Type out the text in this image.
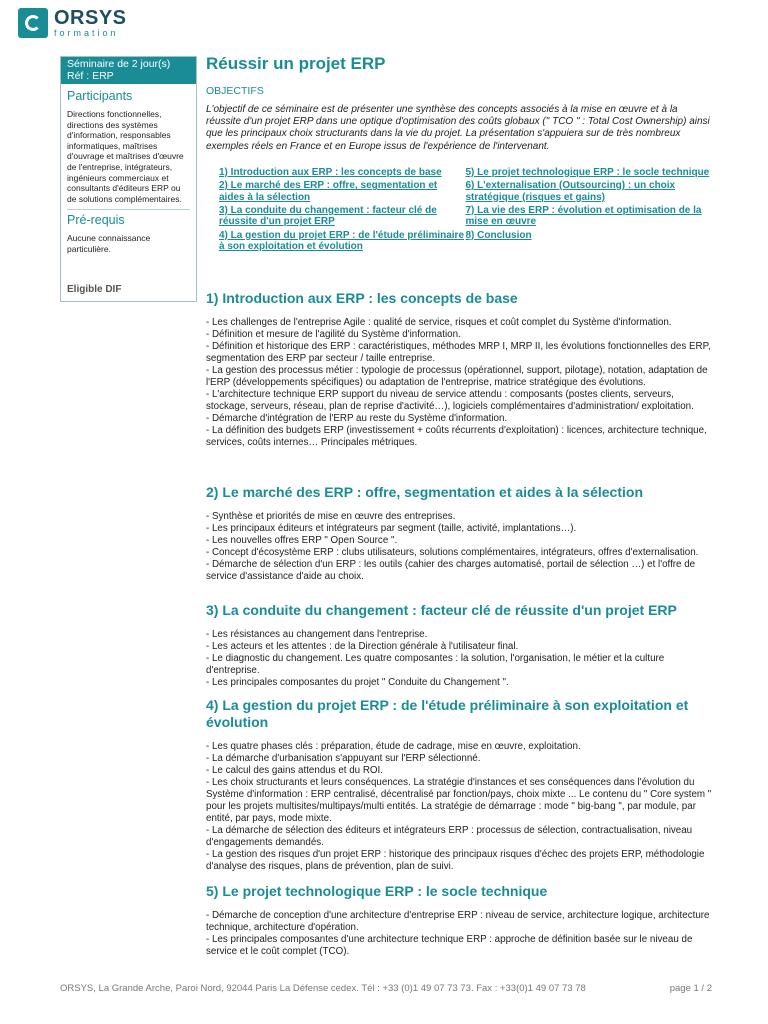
ORSYS
formation
Séminaire de 2 jour(s)
Réf : ERP
Participants
Directions fonctionnelles, directions des systèmes d'information, responsables informatiques, maîtrises d'ouvrage et maîtrises d'œuvre de l'entreprise, intégrateurs, ingénieurs commerciaux et consultants d'éditeurs ERP ou de solutions complémentaires.
Pré-requis
Aucune connaissance particulière.
Eligible DIF
Réussir un projet ERP
OBJECTIFS
L'objectif de ce séminaire est de présenter une synthèse des concepts associés à la mise en œuvre et à la réussite d'un projet ERP dans une optique d'optimisation des coûts globaux (" TCO " : Total Cost Ownership) ainsi que les principaux choix structurants dans la vie du projet. La présentation s'appuiera sur de très nombreux exemples réels en France et en Europe issus de l'expérience de l'intervenant.
1) Introduction aux ERP : les concepts de base
2) Le marché des ERP : offre, segmentation et aides à la sélection
3) La conduite du changement : facteur clé de réussite d'un projet ERP
4) La gestion du projet ERP : de l'étude préliminaire à son exploitation et évolution
5) Le projet technologique ERP : le socle technique
6) L'externalisation (Outsourcing) : un choix stratégique (risques et gains)
7) La vie des ERP : évolution et optimisation de la mise en œuvre
8) Conclusion
1) Introduction aux ERP : les concepts de base
- Les challenges de l'entreprise Agile : qualité de service, risques et coût complet du Système d'information.
- Définition et mesure de l'agilité du Système d'information.
- Définition et historique des ERP : caractéristiques, méthodes MRP I, MRP II, les évolutions fonctionnelles des ERP, segmentation des ERP par secteur / taille entreprise.
- La gestion des processus métier : typologie de processus (opérationnel, support, pilotage), notation, adaptation de l'ERP (développements spécifiques) ou adaptation de l'entreprise, matrice stratégique des évolutions.
- L'architecture technique ERP support du niveau de service attendu : composants (postes clients, serveurs, stockage, serveurs, réseau, plan de reprise d'activité…), logiciels complémentaires d'administration/ exploitation.
- Démarche d'intégration de l'ERP au reste du Système d'information.
- La définition des budgets ERP (investissement + coûts récurrents d'exploitation) : licences, architecture technique, services, coûts internes… Principales métriques.
2) Le marché des ERP : offre, segmentation et aides à la sélection
- Synthèse et priorités de mise en œuvre des entreprises.
- Les principaux éditeurs et intégrateurs par segment (taille, activité, implantations…).
- Les nouvelles offres ERP " Open Source ".
- Concept d'écosystème ERP : clubs utilisateurs, solutions complémentaires, intégrateurs, offres d'externalisation.
- Démarche de sélection d'un ERP : les outils (cahier des charges automatisé, portail de sélection …) et l'offre de service d'assistance d'aide au choix.
3) La conduite du changement : facteur clé de réussite d'un projet ERP
- Les résistances au changement dans l'entreprise.
- Les acteurs et les attentes : de la Direction générale à l'utilisateur final.
- Le diagnostic du changement. Les quatre composantes : la solution, l'organisation, le métier et la culture d'entreprise.
- Les principales composantes du projet " Conduite du Changement ".
4) La gestion du projet ERP : de l'étude préliminaire à son exploitation et évolution
- Les quatre phases clés : préparation, étude de cadrage, mise en œuvre, exploitation.
- La démarche d'urbanisation s'appuyant sur l'ERP sélectionné.
- Le calcul des gains attendus et du ROI.
- Les choix structurants et leurs conséquences. La stratégie d'instances et ses conséquences dans l'évolution du Système d'information : ERP centralisé, décentralisé par fonction/pays, choix mixte ... Le contenu du " Core system " pour les projets multisites/multipays/multi entités. La stratégie de démarrage : mode " big-bang ", par module, par entité, par pays, mode mixte.
- La démarche de sélection des éditeurs et intégrateurs ERP : processus de sélection, contractualisation, niveau d'engagements demandés.
- La gestion des risques d'un projet ERP : historique des principaux risques d'échec des projets ERP, méthodologie d'analyse des risques, plans de prévention, plan de suivi.
5) Le projet technologique ERP : le socle technique
- Démarche de conception d'une architecture d'entreprise ERP : niveau de service, architecture logique, architecture technique, architecture d'opération.
- Les principales composantes d'une architecture technique ERP : approche de définition basée sur le niveau de service et le coût complet (TCO).
ORSYS, La Grande Arche, Paroi Nord, 92044 Paris La Défense cedex. Tél : +33 (0)1 49 07 73 73. Fax : +33(0)1 49 07 73 78	page 1 / 2
